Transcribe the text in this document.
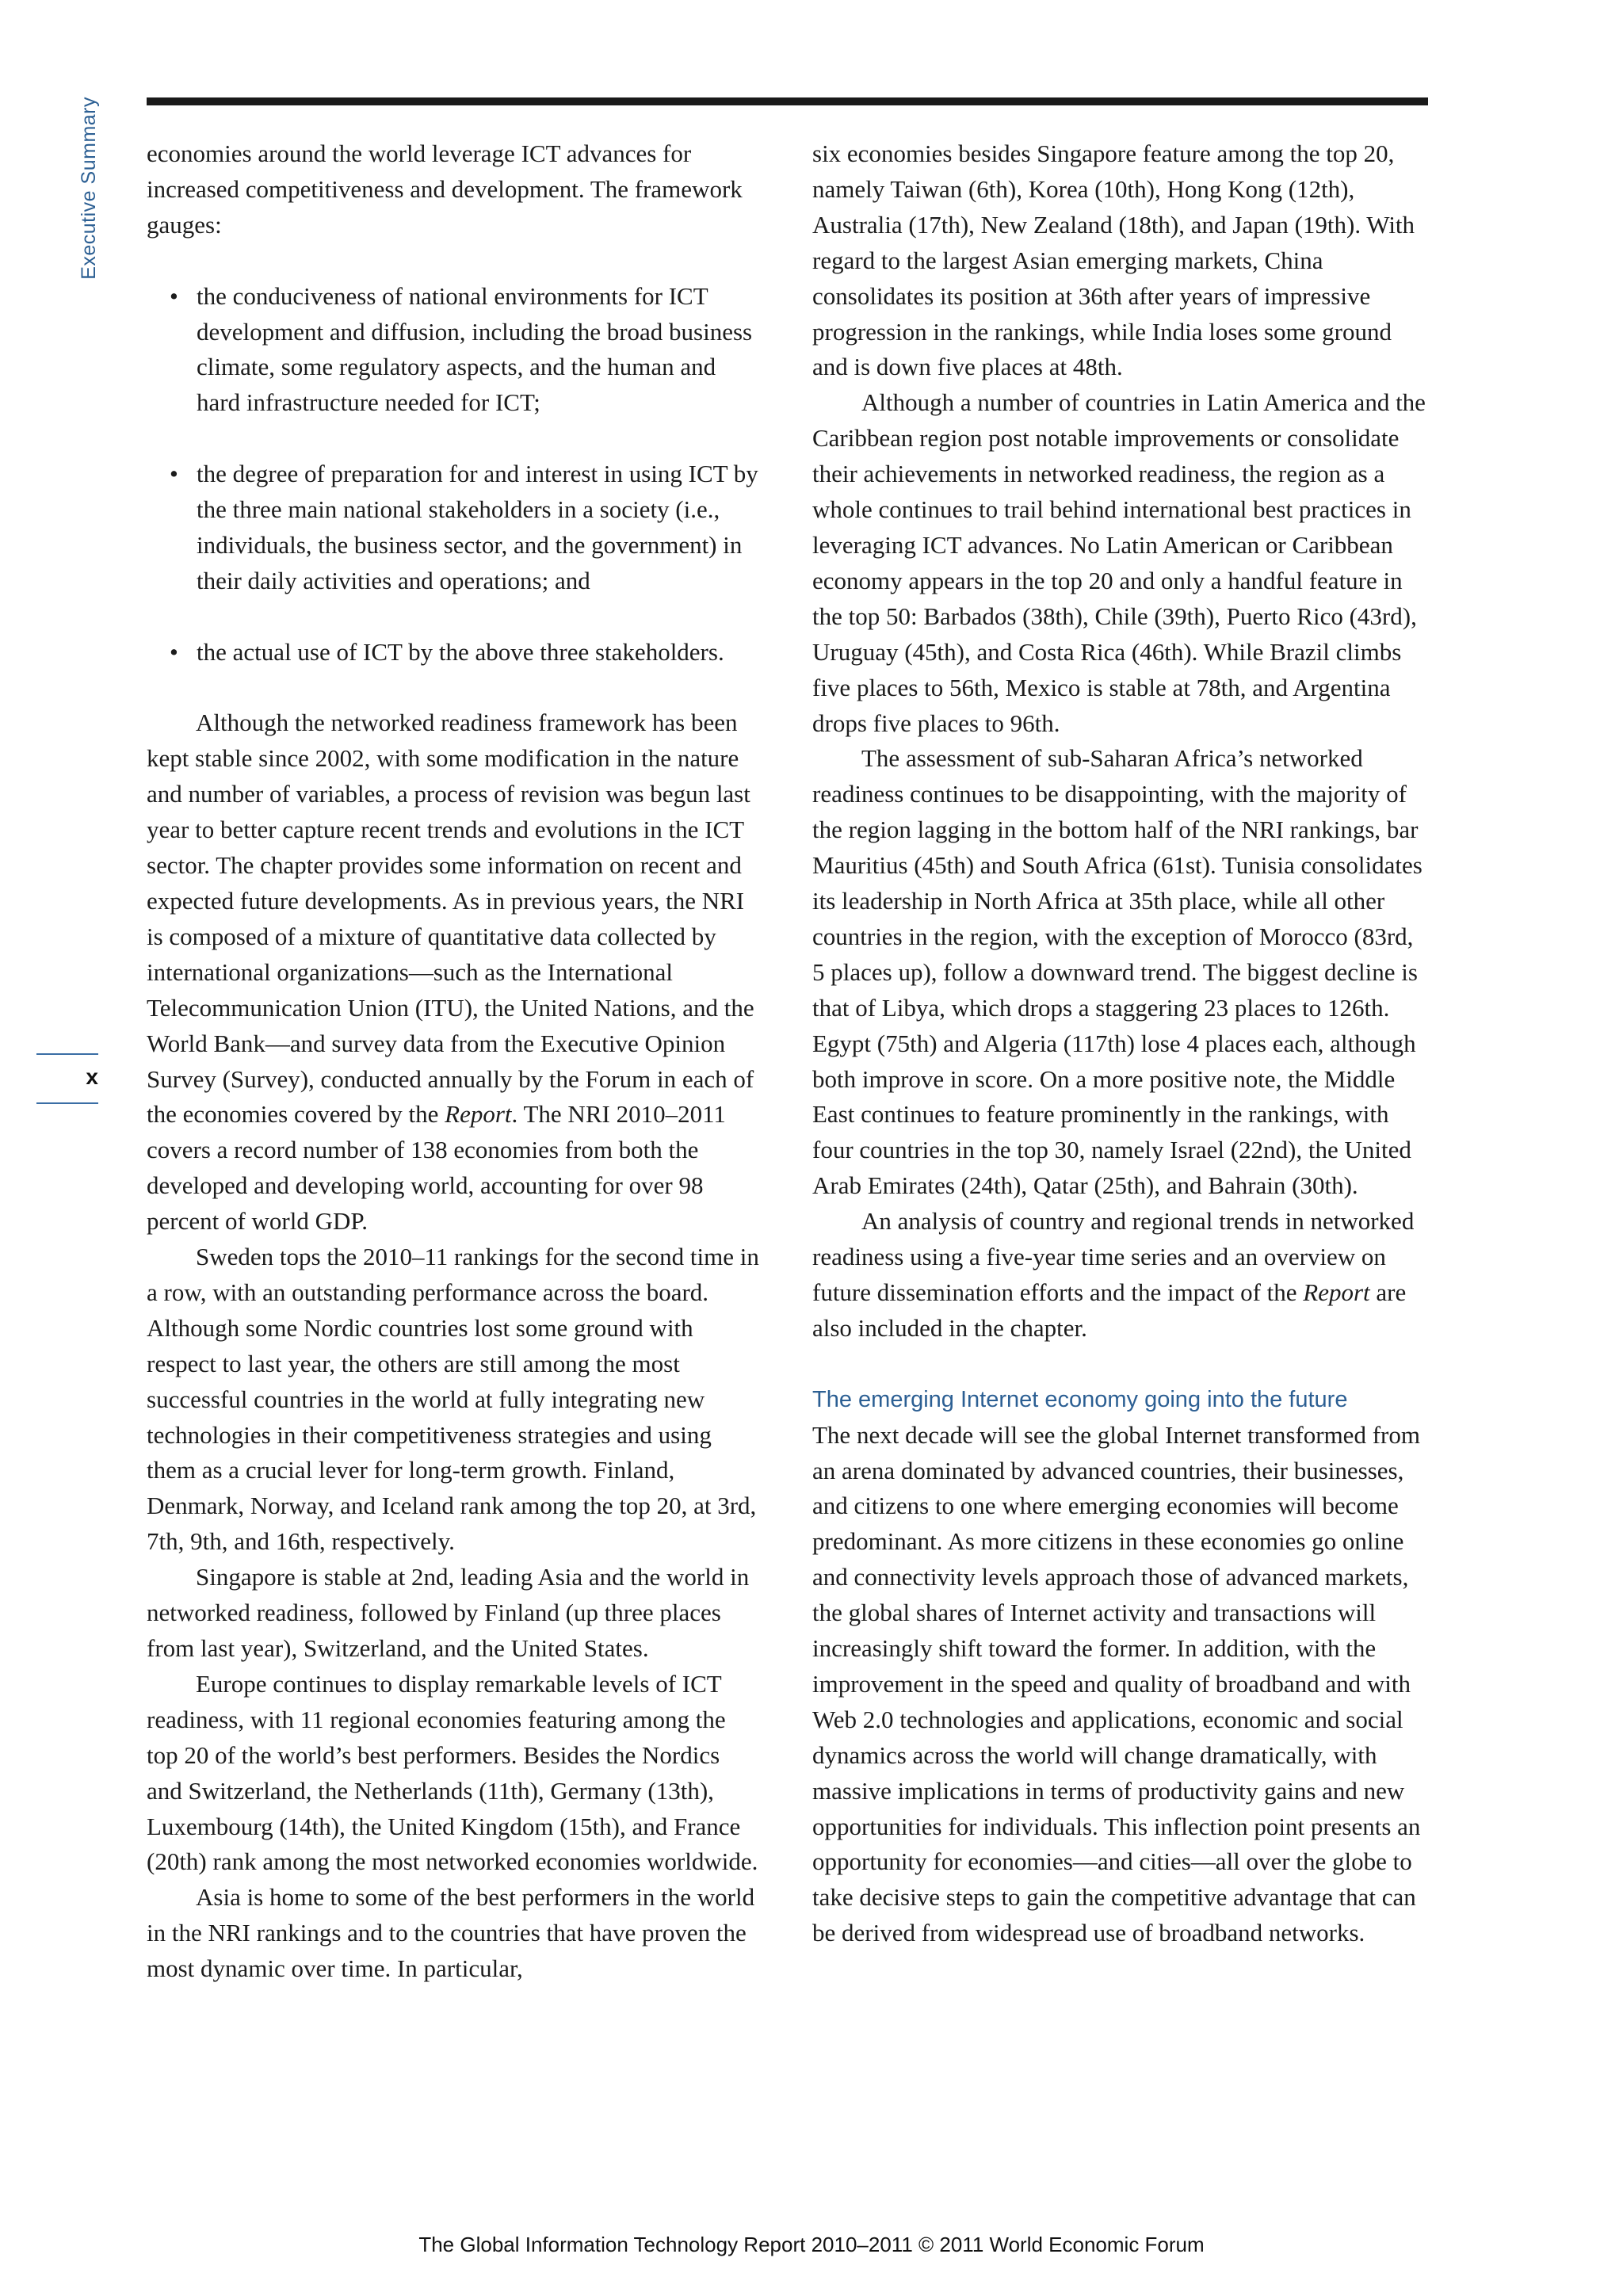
Executive Summary
x

economies around the world leverage ICT advances for increased competitiveness and development. The framework gauges:

• the conduciveness of national environments for ICT development and diffusion, including the broad business climate, some regulatory aspects, and the human and hard infrastructure needed for ICT;
• the degree of preparation for and interest in using ICT by the three main national stakeholders in a society (i.e., individuals, the business sector, and the government) in their daily activities and operations; and
• the actual use of ICT by the above three stakeholders.

Although the networked readiness framework has been kept stable since 2002, with some modification in the nature and number of variables, a process of revision was begun last year to better capture recent trends and evolutions in the ICT sector. The chapter provides some information on recent and expected future developments. As in previous years, the NRI is composed of a mixture of quantitative data collected by international organizations—such as the International Telecommunication Union (ITU), the United Nations, and the World Bank—and survey data from the Executive Opinion Survey (Survey), conducted annually by the Forum in each of the economies covered by the Report. The NRI 2010–2011 covers a record number of 138 economies from both the developed and developing world, accounting for over 98 percent of world GDP.

Sweden tops the 2010–11 rankings for the second time in a row, with an outstanding performance across the board. Although some Nordic countries lost some ground with respect to last year, the others are still among the most successful countries in the world at fully integrating new technologies in their competitiveness strategies and using them as a crucial lever for long-term growth. Finland, Denmark, Norway, and Iceland rank among the top 20, at 3rd, 7th, 9th, and 16th, respectively.

Singapore is stable at 2nd, leading Asia and the world in networked readiness, followed by Finland (up three places from last year), Switzerland, and the United States.

Europe continues to display remarkable levels of ICT readiness, with 11 regional economies featuring among the top 20 of the world’s best performers. Besides the Nordics and Switzerland, the Netherlands (11th), Germany (13th), Luxembourg (14th), the United Kingdom (15th), and France (20th) rank among the most networked economies worldwide.

Asia is home to some of the best performers in the world in the NRI rankings and to the countries that have proven the most dynamic over time. In particular,

six economies besides Singapore feature among the top 20, namely Taiwan (6th), Korea (10th), Hong Kong (12th), Australia (17th), New Zealand (18th), and Japan (19th). With regard to the largest Asian emerging markets, China consolidates its position at 36th after years of impressive progression in the rankings, while India loses some ground and is down five places at 48th.

Although a number of countries in Latin America and the Caribbean region post notable improvements or consolidate their achievements in networked readiness, the region as a whole continues to trail behind international best practices in leveraging ICT advances. No Latin American or Caribbean economy appears in the top 20 and only a handful feature in the top 50: Barbados (38th), Chile (39th), Puerto Rico (43rd), Uruguay (45th), and Costa Rica (46th). While Brazil climbs five places to 56th, Mexico is stable at 78th, and Argentina drops five places to 96th.

The assessment of sub-Saharan Africa’s networked readiness continues to be disappointing, with the majority of the region lagging in the bottom half of the NRI rankings, bar Mauritius (45th) and South Africa (61st). Tunisia consolidates its leadership in North Africa at 35th place, while all other countries in the region, with the exception of Morocco (83rd, 5 places up), follow a downward trend. The biggest decline is that of Libya, which drops a staggering 23 places to 126th. Egypt (75th) and Algeria (117th) lose 4 places each, although both improve in score. On a more positive note, the Middle East continues to feature prominently in the rankings, with four countries in the top 30, namely Israel (22nd), the United Arab Emirates (24th), Qatar (25th), and Bahrain (30th).

An analysis of country and regional trends in networked readiness using a five-year time series and an overview on future dissemination efforts and the impact of the Report are also included in the chapter.

The emerging Internet economy going into the future

The next decade will see the global Internet transformed from an arena dominated by advanced countries, their businesses, and citizens to one where emerging economies will become predominant. As more citizens in these economies go online and connectivity levels approach those of advanced markets, the global shares of Internet activity and transactions will increasingly shift toward the former. In addition, with the improvement in the speed and quality of broadband and with Web 2.0 technologies and applications, economic and social dynamics across the world will change dramatically, with massive implications in terms of productivity gains and new opportunities for individuals. This inflection point presents an opportunity for economies—and cities—all over the globe to take decisive steps to gain the competitive advantage that can be derived from widespread use of broadband networks.

The Global Information Technology Report 2010–2011 © 2011 World Economic Forum
